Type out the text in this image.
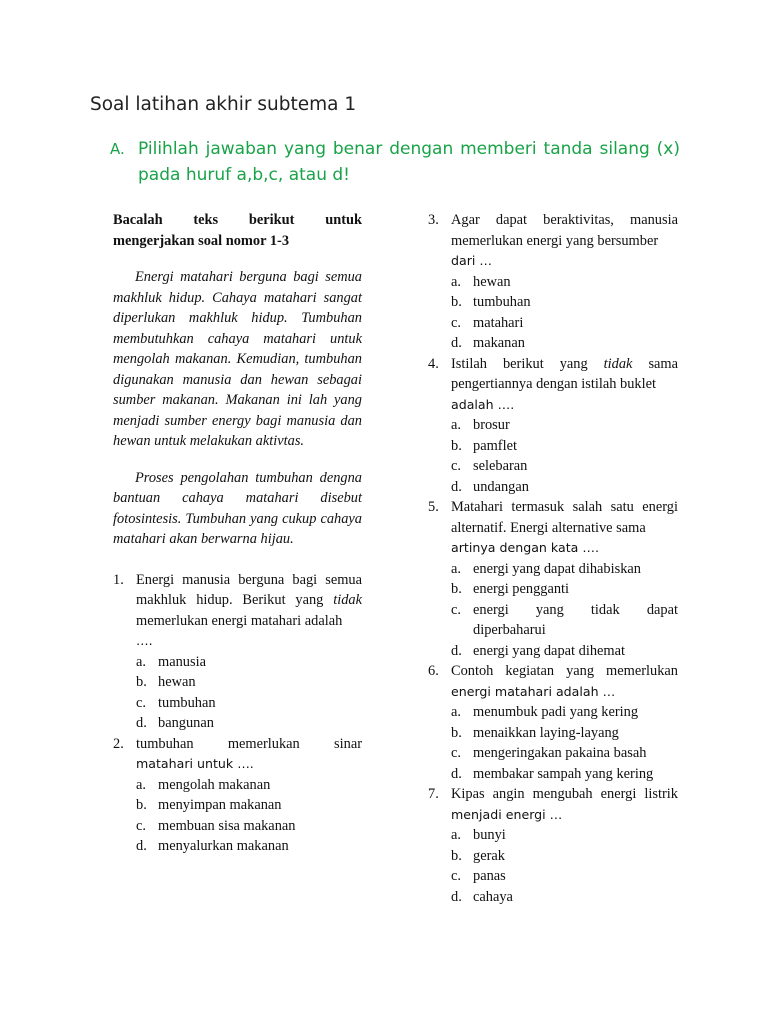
Soal latihan akhir subtema 1
A. Pilihlah jawaban yang benar dengan memberi tanda silang (x) pada huruf a,b,c, atau d!
Bacalah teks berikut untuk
mengerjakan soal nomor 1-3

Energi matahari berguna bagi semua makhluk hidup. Cahaya matahari sangat diperlukan makhluk hidup. Tumbuhan membutuhkan cahaya matahari untuk mengolah makanan. Kemudian, tumbuhan digunakan manusia dan hewan sebagai sumber makanan. Makanan ini lah yang menjadi sumber energy bagi manusia dan hewan untuk melakukan aktivtas.

Proses pengolahan tumbuhan dengna bantuan cahaya matahari disebut fotosintesis. Tumbuhan yang cukup cahaya matahari akan berwarna hijau.

1. Energi manusia berguna bagi semua makhluk hidup. Berikut yang tidak memerlukan energi matahari adalah
….
a. manusia
b. hewan
c. tumbuhan
d. bangunan
2. tumbuhan memerlukan sinar
matahari untuk ….
a. mengolah makanan
b. menyimpan makanan
c. membuan sisa makanan
d. menyalurkan makanan
3. Agar dapat beraktivitas, manusia memerlukan energi yang bersumber
dari …
a. hewan
b. tumbuhan
c. matahari
d. makanan
4. Istilah berikut yang tidak sama pengertiannya dengan istilah buklet
adalah ….
a. brosur
b. pamflet
c. selebaran
d. undangan
5. Matahari termasuk salah satu energi alternatif. Energi alternative sama
artinya dengan kata ….
a. energi yang dapat dihabiskan
b. energi pengganti
c. energi yang tidak dapat
diperbaharui
d. energi yang dapat dihemat
6. Contoh kegiatan yang memerlukan
energi matahari adalah …
a. menumbuk padi yang kering
b. menaikkan laying-layang
c. mengeringakan pakaina basah
d. membakar sampah yang kering
7. Kipas angin mengubah energi listrik
menjadi energi …
a. bunyi
b. gerak
c. panas
d. cahaya
